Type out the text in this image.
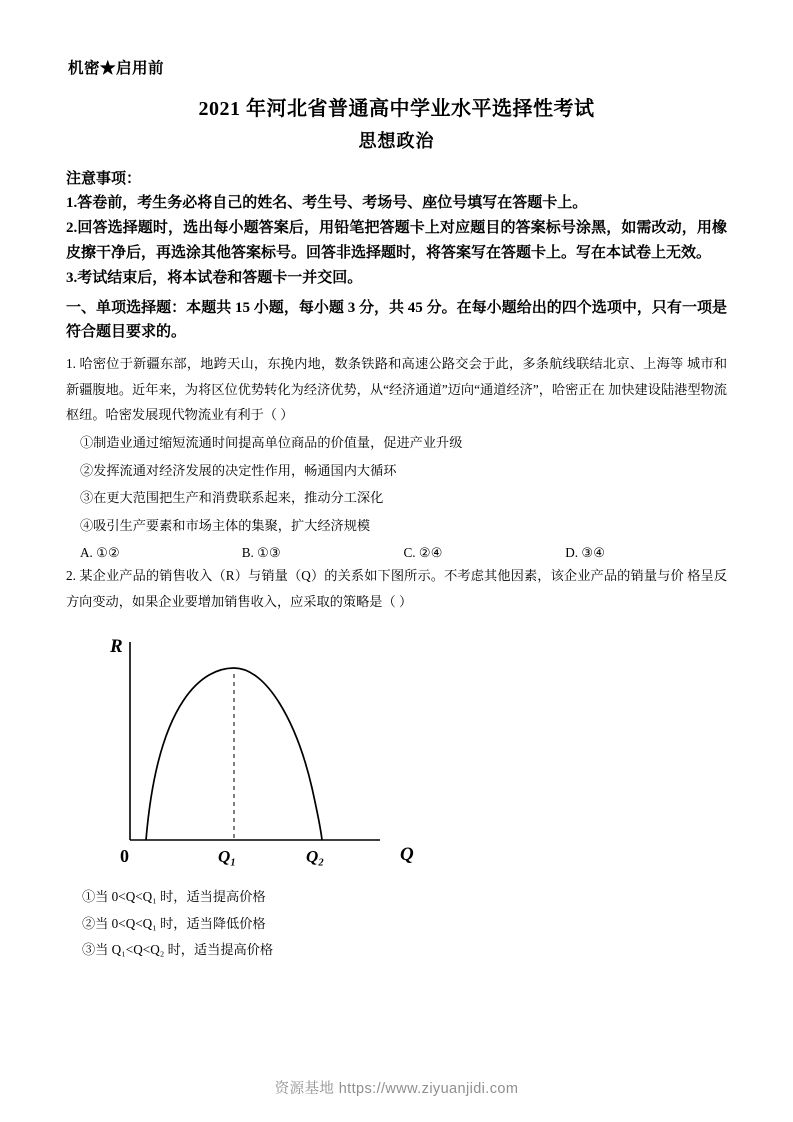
机密★启用前
2021 年河北省普通高中学业水平选择性考试
思想政治
注意事项：
1.答卷前，考生务必将自己的姓名、考生号、考场号、座位号填写在答题卡上。
2.回答选择题时，选出每小题答案后，用铅笔把答题卡上对应题目的答案标号涂黑，如需改动，用橡皮擦干净后，再选涂其他答案标号。回答非选择题时，将答案写在答题卡上。写在本试卷上无效。
3.考试结束后，将本试卷和答题卡一并交回。
一、单项选择题：本题共 15 小题，每小题 3 分，共 45 分。在每小题给出的四个选项中，只有一项是符合题目要求的。
1. 哈密位于新疆东部，地跨天山，东挽内地，数条铁路和高速公路交会于此，多条航线联结北京、上海等 城市和新疆腹地。近年来，为将区位优势转化为经济优势，从“经济通道”迈向“通道经济”，哈密正在 加快建设陆港型物流枢纽。哈密发展现代物流业有利于（ ）
①制造业通过缩短流通时间提高单位商品的价值量，促进产业升级
②发挥流通对经济发展的决定性作用，畅通国内大循环
③在更大范围把生产和消费联系起来，推动分工深化
④吸引生产要素和市场主体的集聚，扩大经济规模
A. ①②	B. ①③	C. ②④	D. ③④
2. 某企业产品的销售收入（R）与销量（Q）的关系如下图所示。不考虑其他因素，该企业产品的销量与价 格呈反方向变动，如果企业要增加销售收入，应采取的策略是（ ）
R
Q
0	Q₁	Q₂
①当 0<Q<Q₁ 时，适当提高价格
②当 0<Q<Q₁ 时，适当降低价格
③当 Q₁<Q<Q₂ 时，适当提高价格
资源基地 https://www.ziyuanjidi.com
